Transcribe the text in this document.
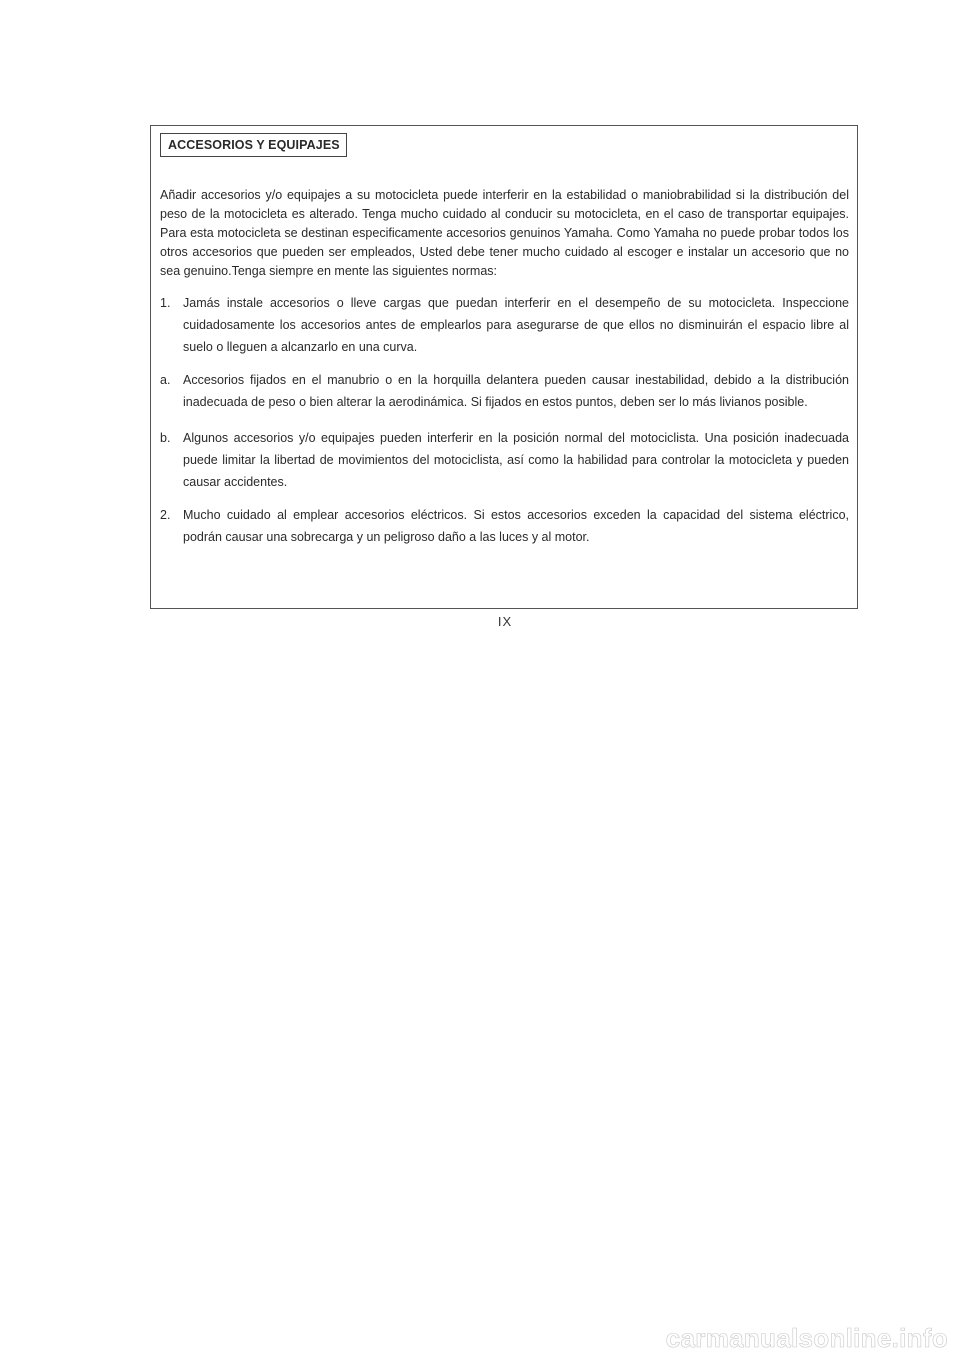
ACCESORIOS Y EQUIPAJES

Añadir accesorios y/o equipajes a su motocicleta puede interferir en la estabilidad o maniobrabilidad si la distribución del peso de la motocicleta es alterado. Tenga mucho cuidado al conducir su motocicleta, en el caso de transportar equipajes. Para esta motocicleta se destinan especificamente accesorios genuinos Yamaha. Como Yamaha no puede probar todos los otros accesorios que pueden ser empleados, Usted debe tener mucho cuidado al escoger e instalar un accesorio que no sea genuino.Tenga siempre en mente las siguientes normas:

1. Jamás instale accesorios o lleve cargas que puedan interferir en el desempeño de su motocicleta. Inspeccione cuidadosamente los accesorios antes de emplearlos para asegurarse de que ellos no disminuirán el espacio libre al suelo o lleguen a alcanzarlo en una curva.
a. Accesorios fijados en el manubrio o en la horquilla delantera pueden causar inestabilidad, debido a la distribución inadecuada de peso o bien alterar la aerodinámica. Si fijados en estos puntos, deben ser lo más livianos posible.
b. Algunos accesorios y/o equipajes pueden interferir en la posición normal del motociclista. Una posición inadecuada puede limitar la libertad de movimientos del motociclista, así como la habilidad para controlar la motocicleta y pueden causar accidentes.
2. Mucho cuidado al emplear accesorios eléctricos. Si estos accesorios exceden la capacidad del sistema eléctrico, podrán causar una sobrecarga y un peligroso daño a las luces y al motor.
IX
carmanualsonline.info
